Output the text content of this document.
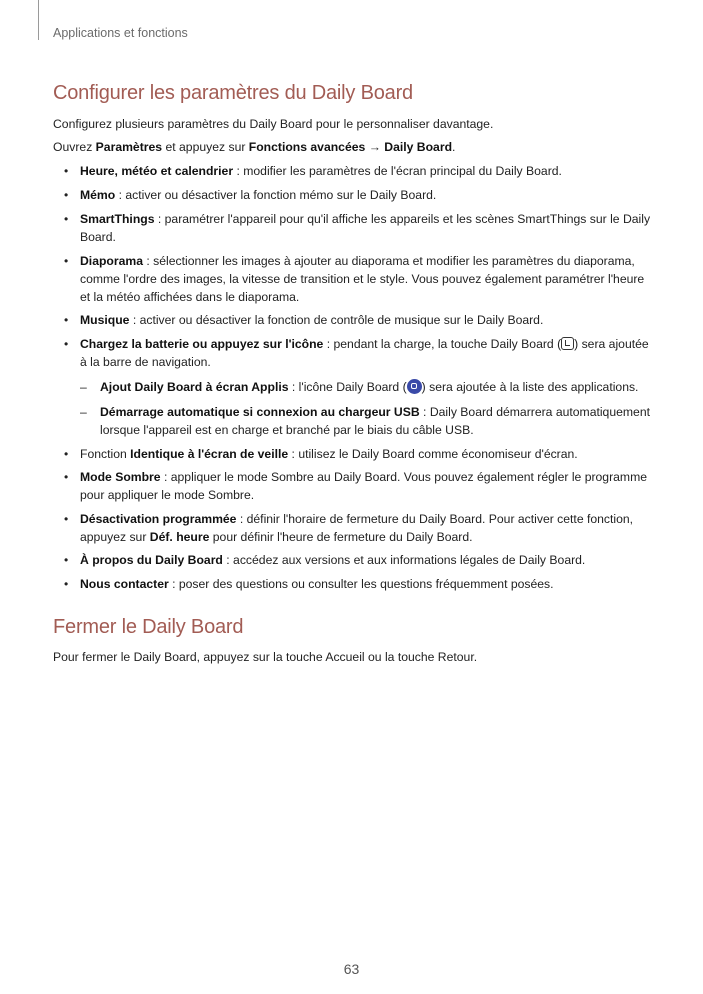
Applications et fonctions
Configurer les paramètres du Daily Board

Configurez plusieurs paramètres du Daily Board pour le personnaliser davantage.

Ouvrez Paramètres et appuyez sur Fonctions avancées → Daily Board.

• Heure, météo et calendrier : modifier les paramètres de l'écran principal du Daily Board.
• Mémo : activer ou désactiver la fonction mémo sur le Daily Board.
• SmartThings : paramétrer l'appareil pour qu'il affiche les appareils et les scènes SmartThings sur le Daily Board.
• Diaporama : sélectionner les images à ajouter au diaporama et modifier les paramètres du diaporama, comme l'ordre des images, la vitesse de transition et le style. Vous pouvez également paramétrer l'heure et la météo affichées dans le diaporama.
• Musique : activer ou désactiver la fonction de contrôle de musique sur le Daily Board.
• Chargez la batterie ou appuyez sur l'icône : pendant la charge, la touche Daily Board ( ) sera ajoutée à la barre de navigation.
– Ajout Daily Board à écran Applis : l'icône Daily Board ( ) sera ajoutée à la liste des applications.
– Démarrage automatique si connexion au chargeur USB : Daily Board démarrera automatiquement lorsque l'appareil est en charge et branché par le biais du câble USB.
• Fonction Identique à l'écran de veille : utilisez le Daily Board comme économiseur d'écran.
• Mode Sombre : appliquer le mode Sombre au Daily Board. Vous pouvez également régler le programme pour appliquer le mode Sombre.
• Désactivation programmée : définir l'horaire de fermeture du Daily Board. Pour activer cette fonction, appuyez sur Déf. heure pour définir l'heure de fermeture du Daily Board.
• À propos du Daily Board : accédez aux versions et aux informations légales de Daily Board.
• Nous contacter : poser des questions ou consulter les questions fréquemment posées.
Fermer le Daily Board

Pour fermer le Daily Board, appuyez sur la touche Accueil ou la touche Retour.

63
